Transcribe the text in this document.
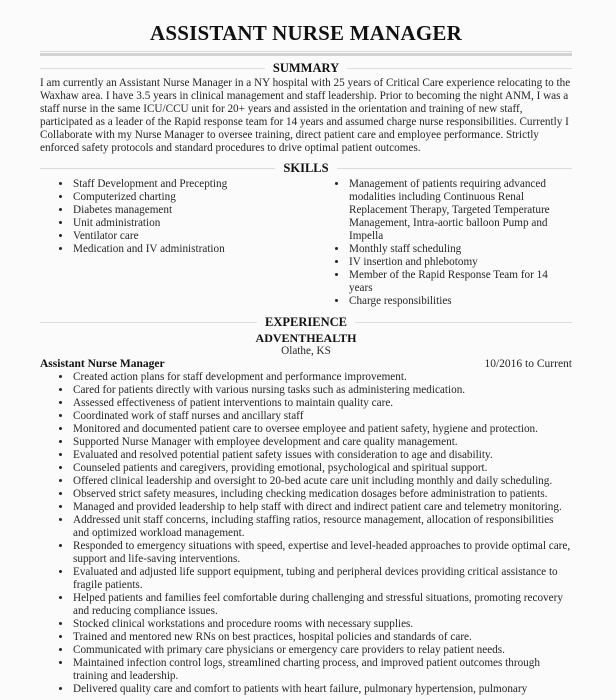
ASSISTANT NURSE MANAGER
SUMMARY

I am currently an Assistant Nurse Manager in a NY hospital with 25 years of Critical Care experience relocating to the Waxhaw area. I have 3.5 years in clinical management and staff leadership. Prior to becoming the night ANM, I was a staff nurse in the same ICU/CCU unit for 20+ years and assisted in the orientation and training of new staff, participated as a leader of the Rapid response team for 14 years and assumed charge nurse responsibilities. Currently I Collaborate with my Nurse Manager to oversee training, direct patient care and employee performance. Strictly enforced safety protocols and standard procedures to drive optimal patient outcomes.

SKILLS
• Staff Development and Precepting
• Computerized charting
• Diabetes management
• Unit administration
• Ventilator care
• Medication and IV administration
• Management of patients requiring advanced modalities including Continuous Renal Replacement Therapy, Targeted Temperature Management, Intra-aortic balloon Pump and Impella
• Monthly staff scheduling
• IV insertion and phlebotomy
• Member of the Rapid Response Team for 14 years
• Charge responsibilities
EXPERIENCE
ADVENTHEALTH
Olathe, KS
Assistant Nurse Manager	10/2016 to Current
• Created action plans for staff development and performance improvement.
• Cared for patients directly with various nursing tasks such as administering medication.
• Assessed effectiveness of patient interventions to maintain quality care.
• Coordinated work of staff nurses and ancillary staff
• Monitored and documented patient care to oversee employee and patient safety, hygiene and protection.
• Supported Nurse Manager with employee development and care quality management.
• Evaluated and resolved potential patient safety issues with consideration to age and disability.
• Counseled patients and caregivers, providing emotional, psychological and spiritual support.
• Offered clinical leadership and oversight to 20-bed acute care unit including monthly and daily scheduling.
• Observed strict safety measures, including checking medication dosages before administration to patients.
• Managed and provided leadership to help staff with direct and indirect patient care and telemetry monitoring.
• Addressed unit staff concerns, including staffing ratios, resource management, allocation of responsibilities and optimized workload management.
• Responded to emergency situations with speed, expertise and level-headed approaches to provide optimal care, support and life-saving interventions.
• Evaluated and adjusted life support equipment, tubing and peripheral devices providing critical assistance to fragile patients.
• Helped patients and families feel comfortable during challenging and stressful situations, promoting recovery and reducing compliance issues.
• Stocked clinical workstations and procedure rooms with necessary supplies.
• Trained and mentored new RNs on best practices, hospital policies and standards of care.
• Communicated with primary care physicians or emergency care providers to relay patient needs.
• Maintained infection control logs, streamlined charting process, and improved patient outcomes through training and leadership.
• Delivered quality care and comfort to patients with heart failure, pulmonary hypertension, pulmonary
